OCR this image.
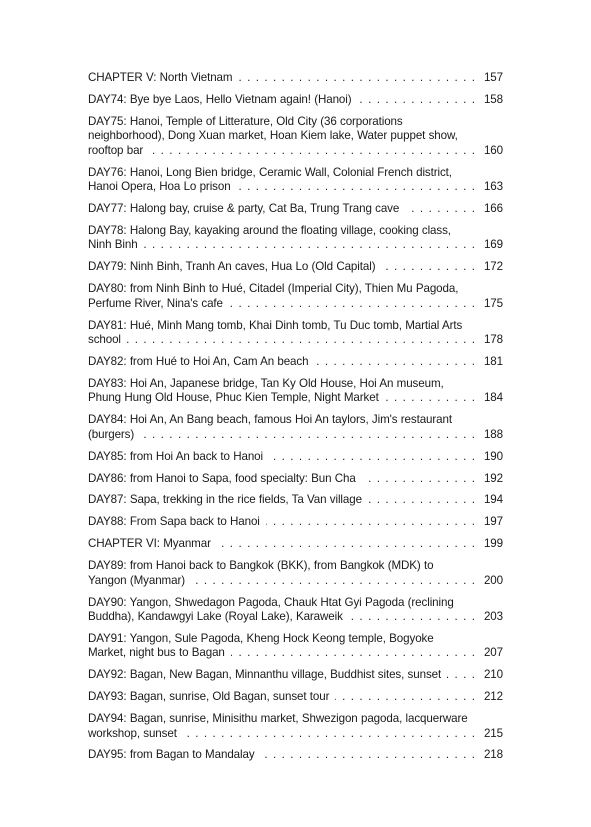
CHAPTER V: North Vietnam . . .	157
DAY74: Bye bye Laos, Hello Vietnam again! (Hanoi) . . .	158
DAY75: Hanoi, Temple of Litterature, Old City (36 corporations
neighborhood), Dong Xuan market, Hoan Kiem lake, Water puppet show,
rooftop bar . . .	160
DAY76: Hanoi, Long Bien bridge, Ceramic Wall, Colonial French district,
Hanoi Opera, Hoa Lo prison . . .	163
DAY77: Halong bay, cruise & party, Cat Ba, Trung Trang cave . . .	166
DAY78: Halong Bay, kayaking around the floating village, cooking class,
Ninh Binh . . .	169
DAY79: Ninh Binh, Tranh An caves, Hua Lo (Old Capital) . . .	172
DAY80: from Ninh Binh to Hué, Citadel (Imperial City), Thien Mu Pagoda,
Perfume River, Nina's cafe . . .	175
DAY81: Hué, Minh Mang tomb, Khai Dinh tomb, Tu Duc tomb, Martial Arts
school . . .	178
DAY82: from Hué to Hoi An, Cam An beach . . .	181
DAY83: Hoi An, Japanese bridge, Tan Ky Old House, Hoi An museum,
Phung Hung Old House, Phuc Kien Temple, Night Market . . .	184
DAY84: Hoi An, An Bang beach, famous Hoi An taylors, Jim's restaurant
(burgers) . . .	188
DAY85: from Hoi An back to Hanoi . . .	190
DAY86: from Hanoi to Sapa, food specialty: Bun Cha . . .	192
DAY87: Sapa, trekking in the rice fields, Ta Van village . . .	194
DAY88: From Sapa back to Hanoi . . .	197
CHAPTER VI: Myanmar . . .	199
DAY89: from Hanoi back to Bangkok (BKK), from Bangkok (MDK) to
Yangon (Myanmar) . . .	200
DAY90: Yangon, Shwedagon Pagoda, Chauk Htat Gyi Pagoda (reclining
Buddha), Kandawgyi Lake (Royal Lake), Karaweik . . .	203
DAY91: Yangon, Sule Pagoda, Kheng Hock Keong temple, Bogyoke
Market, night bus to Bagan . . .	207
DAY92: Bagan, New Bagan, Minnanthu village, Buddhist sites, sunset . . .	210
DAY93: Bagan, sunrise, Old Bagan, sunset tour . . .	212
DAY94: Bagan, sunrise, Minisithu market, Shwezigon pagoda, lacquerware
workshop, sunset . . .	215
DAY95: from Bagan to Mandalay . . .	218
